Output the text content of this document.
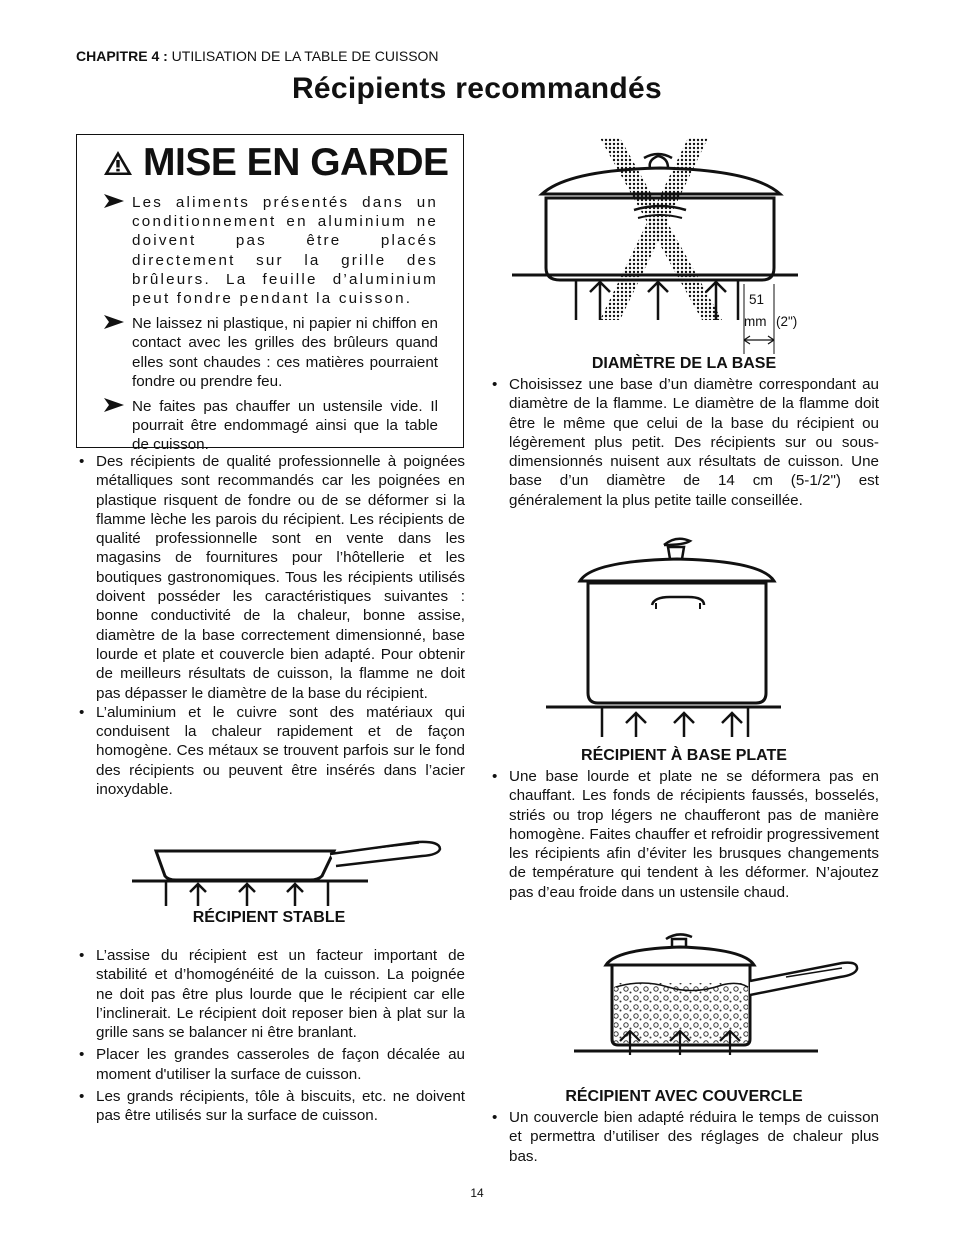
CHAPITRE 4 : UTILISATION DE LA TABLE DE CUISSON
Récipients recommandés
MISE EN GARDE
Les aliments présentés dans un conditionnement en aluminium ne doivent pas être placés directement sur la grille des brûleurs. La feuille d’aluminium peut fondre pendant la cuisson.
Ne laissez ni plastique, ni papier ni chiffon en contact avec les grilles des brûleurs quand elles sont chaudes : ces matières pourraient fondre ou prendre feu.
Ne faites pas chauffer un ustensile vide. Il pourrait être endommagé ainsi que la table de cuisson.
• Des récipients de qualité professionnelle à poignées métalliques sont recommandés car les poignées en plastique risquent de fondre ou de se déformer si la flamme lèche les parois du récipient. Les récipients de qualité professionnelle sont en vente dans les magasins de fournitures pour l’hôtellerie et les boutiques gastronomiques. Tous les récipients utilisés doivent posséder les caractéristiques suivantes : bonne conductivité de la chaleur, bonne assise, diamètre de la base correctement dimensionné, base lourde et plate et couvercle bien adapté. Pour obtenir de meilleurs résultats de cuisson, la flamme ne doit pas dépasser le diamètre de la base du récipient.
• L’aluminium et le cuivre sont des matériaux qui conduisent la chaleur rapidement et de façon homogène. Ces métaux se trouvent parfois sur le fond des récipients ou peuvent être insérés dans l’acier inoxydable.
RÉCIPIENT STABLE
• L’assise du récipient est un facteur important de stabilité et d’homogénéité de la cuisson. La poignée ne doit pas être plus lourde que le récipient car elle l’inclinerait. Le récipient doit reposer bien à plat sur la grille sans se balancer ni être branlant.
• Placer les grandes casseroles de façon décalée au moment d'utiliser la surface de cuisson.
• Les grands récipients, tôle à biscuits, etc. ne doivent pas être utilisés sur la surface de cuisson.
51
mm (2")
DIAMÈTRE DE LA BASE
• Choisissez une base d’un diamètre correspondant au diamètre de la flamme. Le diamètre de la flamme doit être le même que celui de la base du récipient ou légèrement plus petit. Des récipients sur ou sous-dimensionnés nuisent aux résultats de cuisson. Une base d’un diamètre de 14 cm (5-1/2") est généralement la plus petite taille conseillée.
RÉCIPIENT À BASE PLATE
• Une base lourde et plate ne se déformera pas en chauffant. Les fonds de récipients faussés, bosselés, striés ou trop légers ne chaufferont pas de manière homogène. Faites chauffer et refroidir progressivement les récipients afin d’éviter les brusques changements de température qui tendent à les déformer. N’ajoutez pas d’eau froide dans un ustensile chaud.
RÉCIPIENT AVEC COUVERCLE
• Un couvercle bien adapté réduira le temps de cuisson et permettra d’utiliser des réglages de chaleur plus bas.
14
